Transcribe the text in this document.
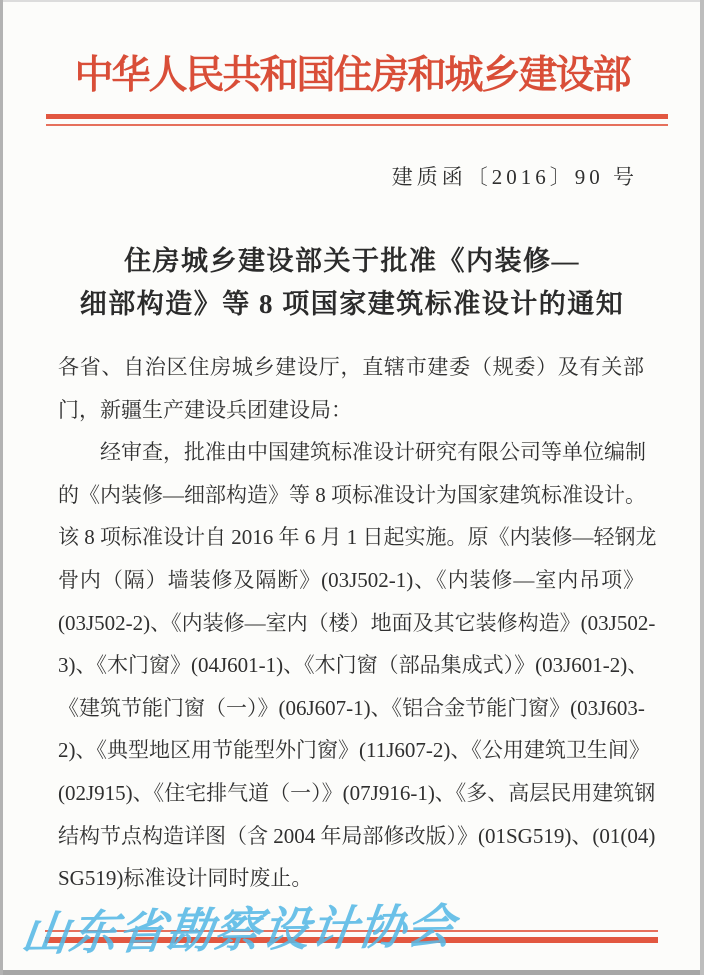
中华人民共和国住房和城乡建设部
建质函〔2016〕90 号
住房城乡建设部关于批准《内装修—
细部构造》等 8 项国家建筑标准设计的通知
各省、自治区住房城乡建设厅，直辖市建委（规委）及有关部
门，新疆生产建设兵团建设局：
经审查，批准由中国建筑标准设计研究有限公司等单位编制
的《内装修—细部构造》等 8 项标准设计为国家建筑标准设计。
该 8 项标准设计自 2016 年 6 月 1 日起实施。原《内装修—轻钢龙
骨内（隔）墙装修及隔断》(03J502-1)、《内装修—室内吊项》
(03J502-2)、《内装修—室内（楼）地面及其它装修构造》(03J502-
3)、《木门窗》(04J601-1)、《木门窗（部品集成式）》(03J601-2)、
《建筑节能门窗（一）》(06J607-1)、《铝合金节能门窗》(03J603-
2)、《典型地区用节能型外门窗》(11J607-2)、《公用建筑卫生间》
(02J915)、《住宅排气道（一）》(07J916-1)、《多、高层民用建筑钢
结构节点构造详图（含 2004 年局部修改版）》(01SG519)、(01(04)
SG519)标准设计同时废止。
山东省勘察设计协会
